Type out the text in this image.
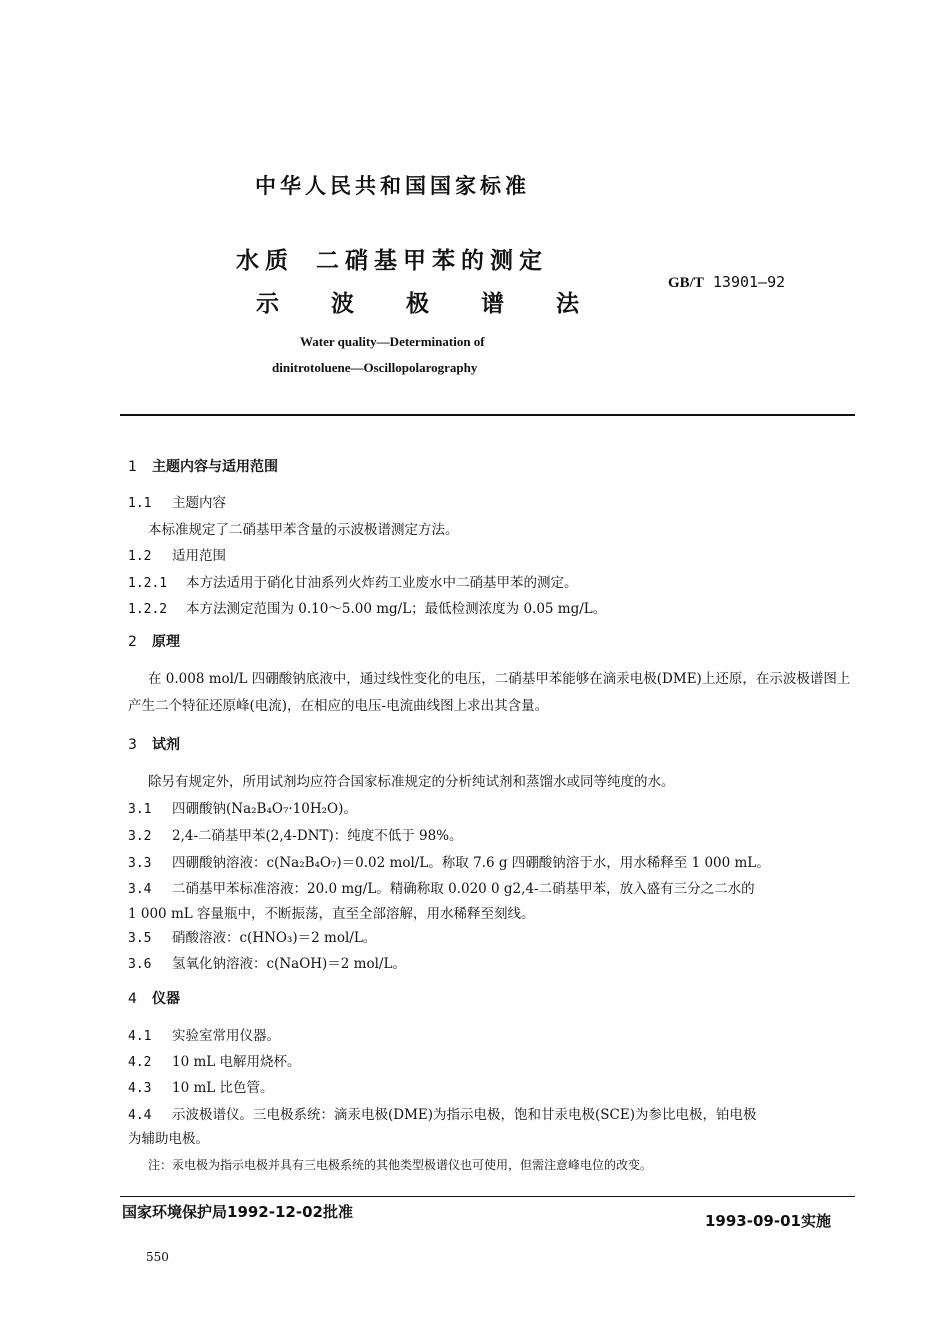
中华人民共和国国家标准
水质 二硝基甲苯的测定
示波极谱法
GB/T 13901—92
Water quality—Determination of
dinitrotoluene—Oscillopolarography
1 主题内容与适用范围
1.1 主题内容
本标准规定了二硝基甲苯含量的示波极谱测定方法。
1.2 适用范围
1.2.1 本方法适用于硝化甘油系列火炸药工业废水中二硝基甲苯的测定。
1.2.2 本方法测定范围为 0.10～5.00 mg/L；最低检测浓度为 0.05 mg/L。
2 原理
在 0.008 mol/L 四硼酸钠底液中，通过线性变化的电压，二硝基甲苯能够在滴汞电极(DME)上还原，在示波极谱图上产生二个特征还原峰(电流)，在相应的电压-电流曲线图上求出其含量。
3 试剂
除另有规定外，所用试剂均应符合国家标准规定的分析纯试剂和蒸馏水或同等纯度的水。
3.1 四硼酸钠(Na₂B₄O₇·10H₂O)。
3.2 2,4-二硝基甲苯(2,4-DNT)：纯度不低于 98%。
3.3 四硼酸钠溶液：c(Na₂B₄O₇)＝0.02 mol/L。称取 7.6 g 四硼酸钠溶于水，用水稀释至 1 000 mL。
3.4 二硝基甲苯标准溶液：20.0 mg/L。精确称取 0.020 0 g2,4-二硝基甲苯，放入盛有三分之二水的
1 000 mL 容量瓶中，不断振荡，直至全部溶解，用水稀释至刻线。
3.5 硝酸溶液：c(HNO₃)＝2 mol/L。
3.6 氢氧化钠溶液：c(NaOH)＝2 mol/L。
4 仪器
4.1 实验室常用仪器。
4.2 10 mL 电解用烧杯。
4.3 10 mL 比色管。
4.4 示波极谱仪。三电极系统：滴汞电极(DME)为指示电极，饱和甘汞电极(SCE)为参比电极，铂电极
为辅助电极。
注：汞电极为指示电极并具有三电极系统的其他类型极谱仪也可使用，但需注意峰电位的改变。
国家环境保护局1992-12-02批准	1993-09-01实施
550
